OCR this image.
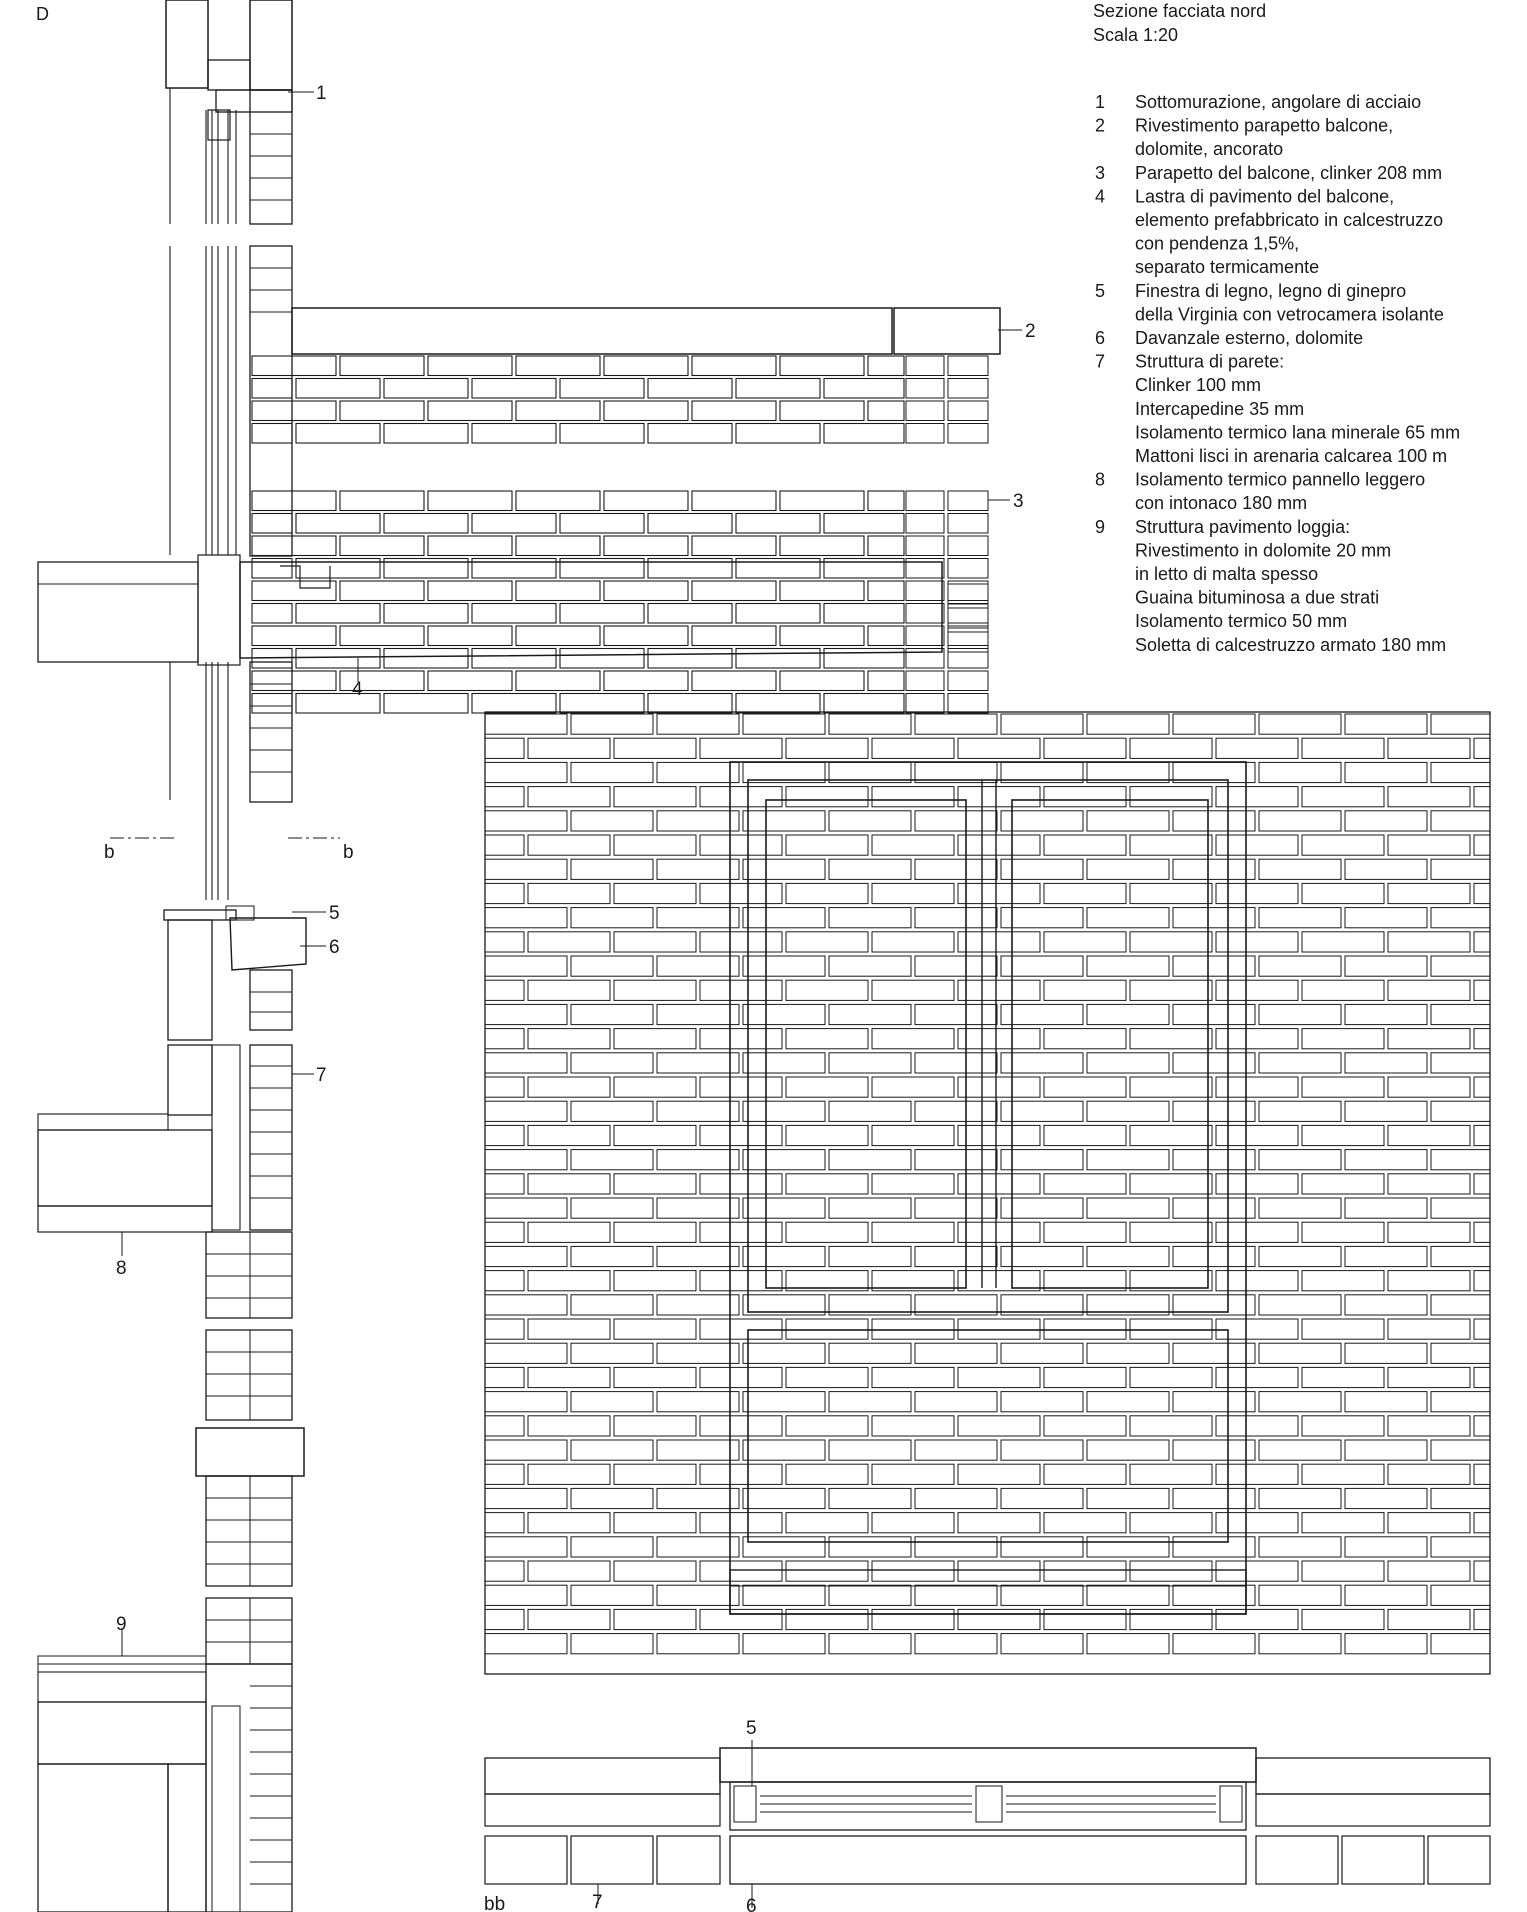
D	Sezione facciata nord
Scala 1:20
1 Sottomurazione, angolare di acciaio
2 Rivestimento parapetto balcone,
dolomite, ancorato
3 Parapetto del balcone, clinker 208 mm
4 Lastra di pavimento del balcone,
elemento prefabbricato in calcestruzzo
con pendenza 1,5%,
separato termicamente
5 Finestra di legno, legno di ginepro
della Virginia con vetrocamera isolante
6 Davanzale esterno, dolomite
7 Struttura di parete:
Clinker 100 mm
Intercapedine 35 mm
Isolamento termico lana minerale 65 mm
Mattoni lisci in arenaria calcarea 100 m
8 Isolamento termico pannello leggero
con intonaco 180 mm
9 Struttura pavimento loggia:
Rivestimento in dolomite 20 mm
in letto di malta spesso
Guaina bituminosa a due strati
Isolamento termico 50 mm
Soletta di calcestruzzo armato 180 mm
b	b
bb
1
2
3
4
5
6
7
8
9
5
7	6
